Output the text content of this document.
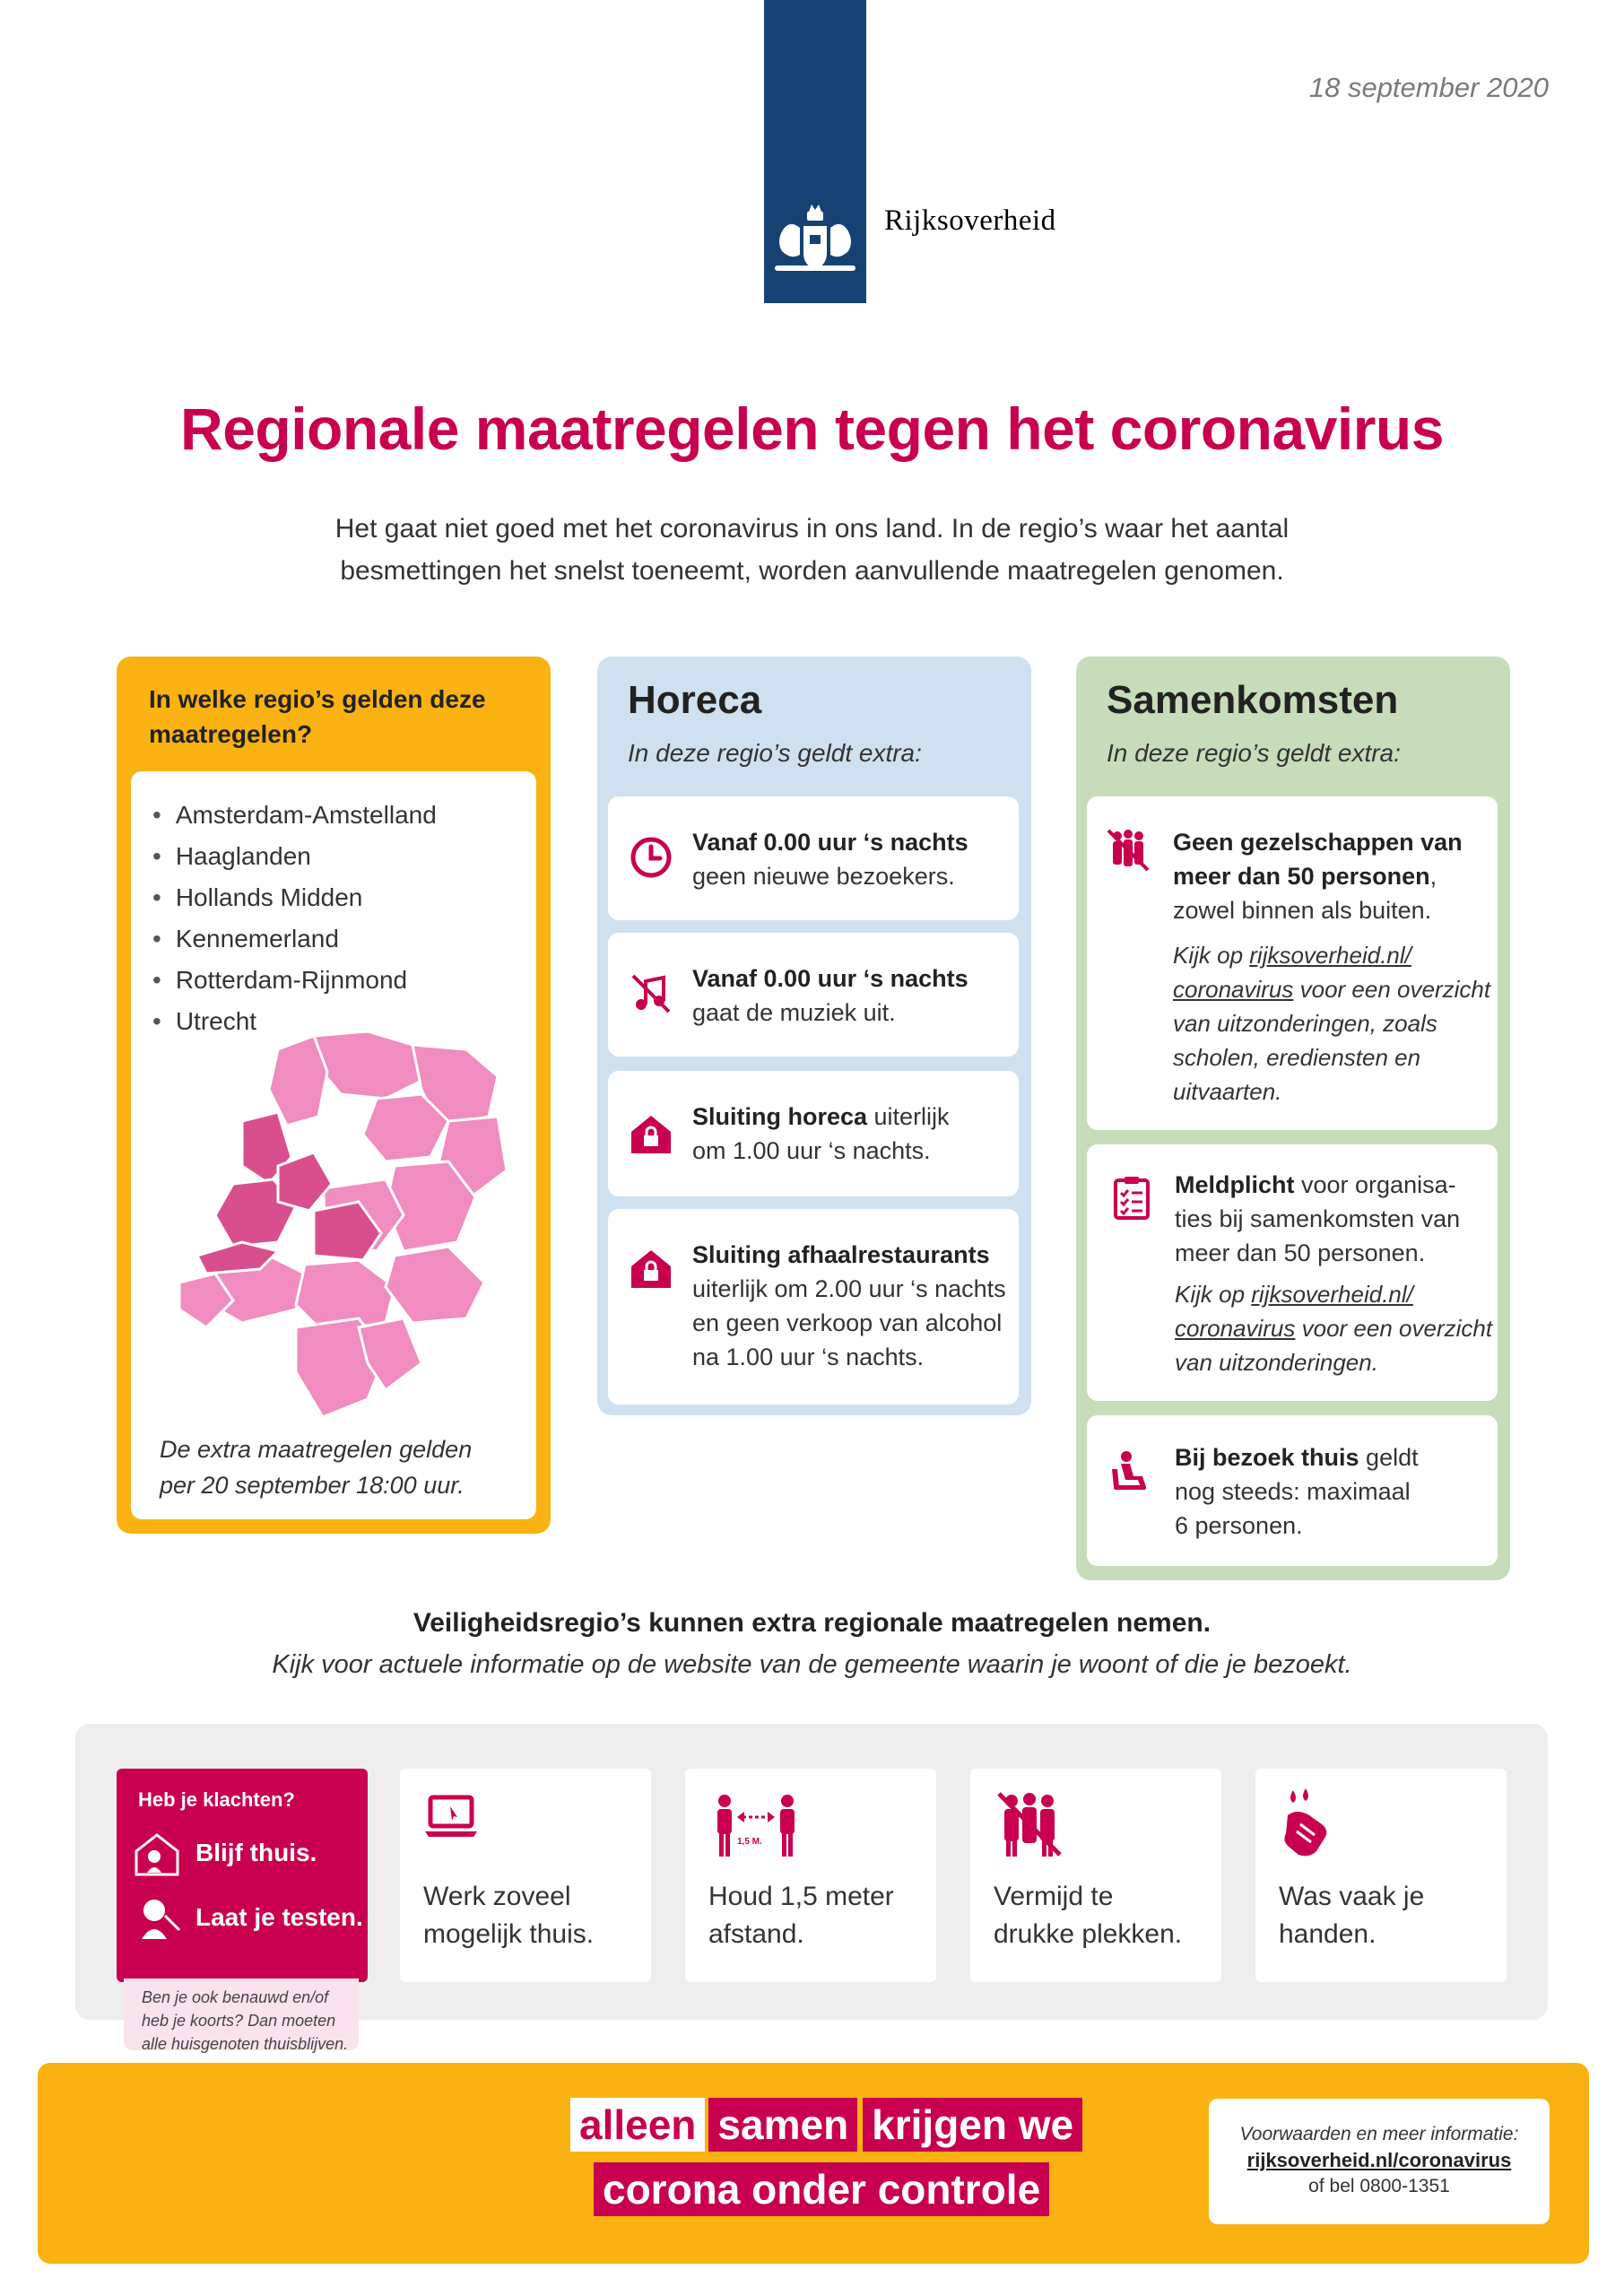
Rijksoverheid
18 september 2020
Regionale maatregelen tegen het coronavirus
Het gaat niet goed met het coronavirus in ons land. In de regio’s waar het aantal
besmettingen het snelst toeneemt, worden aanvullende maatregelen genomen.
In welke regio’s gelden deze maatregelen?
• Amsterdam-Amstelland
• Haaglanden
• Hollands Midden
• Kennemerland
• Rotterdam-Rijnmond
• Utrecht
De extra maatregelen gelden
per 20 september 18:00 uur.
Horeca
In deze regio’s geldt extra:
Vanaf 0.00 uur ‘s nachts
geen nieuwe bezoekers.
Vanaf 0.00 uur ‘s nachts
gaat de muziek uit.
Sluiting horeca uiterlijk
om 1.00 uur ‘s nachts.
Sluiting afhaalrestaurants
uiterlijk om 2.00 uur ‘s nachts
en geen verkoop van alcohol
na 1.00 uur ‘s nachts.
Samenkomsten
In deze regio’s geldt extra:
Geen gezelschappen van
meer dan 50 personen,
zowel binnen als buiten.
Kijk op rijksoverheid.nl/
coronavirus voor een overzicht
van uitzonderingen, zoals
scholen, erediensten en
uitvaarten.
Meldplicht voor organisa-
ties bij samenkomsten van
meer dan 50 personen.
Kijk op rijksoverheid.nl/
coronavirus voor een overzicht
van uitzonderingen.
Bij bezoek thuis geldt
nog steeds: maximaal
6 personen.
Veiligheidsregio’s kunnen extra regionale maatregelen nemen.
Kijk voor actuele informatie op de website van de gemeente waarin je woont of die je bezoekt.
Heb je klachten?
Blijf thuis.
Laat je testen.
Ben je ook benauwd en/of
heb je koorts? Dan moeten
alle huisgenoten thuisblijven.
Werk zoveel
mogelijk thuis.
1,5 M.
Houd 1,5 meter
afstand.
Vermijd te
drukke plekken.
Was vaak je
handen.
alleen samen krijgen we
corona onder controle
Voorwaarden en meer informatie:
rijksoverheid.nl/coronavirus
of bel 0800-1351
